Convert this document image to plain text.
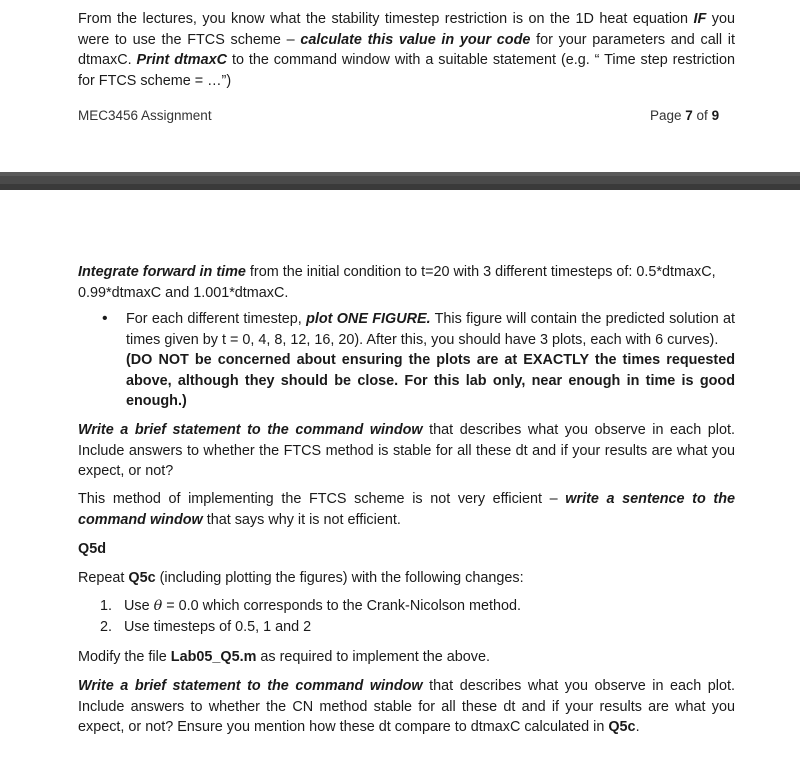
From the lectures, you know what the stability timestep restriction is on the 1D heat equation IF you were to use the FTCS scheme – calculate this value in your code for your parameters and call it dtmaxC. Print dtmaxC to the command window with a suitable statement (e.g. “ Time step restriction for FTCS scheme = …”)

MEC3456 Assignment	Page 7 of 9

Integrate forward in time from the initial condition to t=20 with 3 different timesteps of: 0.5*dtmaxC, 0.99*dtmaxC and 1.001*dtmaxC.

• For each different timestep, plot ONE FIGURE. This figure will contain the predicted solution at times given by t = 0, 4, 8, 12, 16, 20). After this, you should have 3 plots, each with 6 curves).
(DO NOT be concerned about ensuring the plots are at EXACTLY the times requested above, although they should be close. For this lab only, near enough in time is good enough.)

Write a brief statement to the command window that describes what you observe in each plot. Include answers to whether the FTCS method is stable for all these dt and if your results are what you expect, or not?

This method of implementing the FTCS scheme is not very efficient – write a sentence to the command window that says why it is not efficient.

Q5d

Repeat Q5c (including plotting the figures) with the following changes:

1. Use θ = 0.0 which corresponds to the Crank-Nicolson method.
2. Use timesteps of 0.5, 1 and 2

Modify the file Lab05_Q5.m as required to implement the above.

Write a brief statement to the command window that describes what you observe in each plot. Include answers to whether the CN method stable for all these dt and if your results are what you expect, or not? Ensure you mention how these dt compare to dtmaxC calculated in Q5c.
